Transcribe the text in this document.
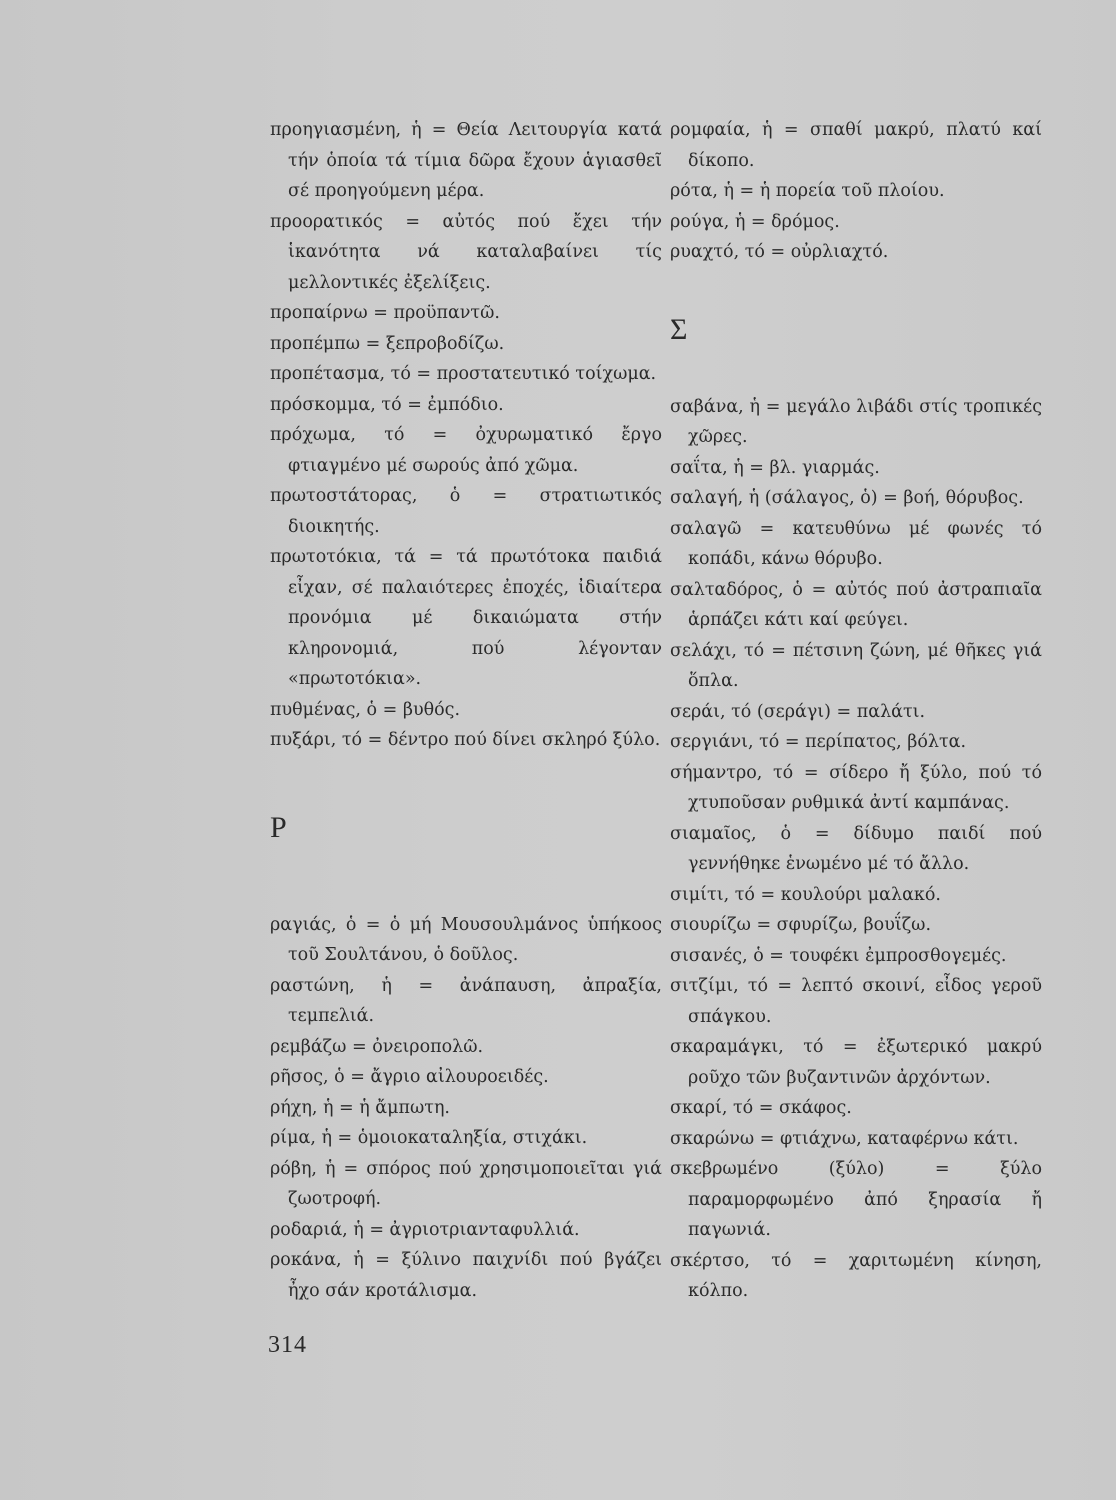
προηγιασμένη, ἡ = Θεία Λειτουργία κατά τήν ὁποία τά τίμια δῶρα ἔχουν ἁγιασθεῖ σέ προηγούμενη μέρα.
προορατικός = αὐτός πού ἔχει τήν ἱκανότητα νά καταλαβαίνει τίς μελλοντικές ἐξελίξεις.
προπαίρνω = προϋπαντῶ.
προπέμπω = ξεπροβοδίζω.
προπέτασμα, τό = προστατευτικό τοίχωμα.
πρόσκομμα, τό = ἐμπόδιο.
πρόχωμα, τό = ὀχυρωματικό ἔργο φτιαγμένο μέ σωρούς ἀπό χῶμα.
πρωτοστάτορας, ὁ = στρατιωτικός διοικητής.
πρωτοτόκια, τά = τά πρωτότοκα παιδιά εἶχαν, σέ παλαιότερες ἐποχές, ἰδιαίτερα προνόμια μέ δικαιώματα στήν κληρονομιά, πού λέγονταν «πρωτοτόκια».
πυθμένας, ὁ = βυθός.
πυξάρι, τό = δέντρο πού δίνει σκληρό ξύλο.
Ρ
ραγιάς, ὁ = ὁ μή Μουσουλμάνος ὑπήκοος τοῦ Σουλτάνου, ὁ δοῦλος.
ραστώνη, ἡ = ἀνάπαυση, ἀπραξία, τεμπελιά.
ρεμβάζω = ὀνειροπολῶ.
ρῆσος, ὁ = ἄγριο αἰλουροειδές.
ρήχη, ἡ = ἡ ἄμπωτη.
ρίμα, ἡ = ὁμοιοκαταληξία, στιχάκι.
ρόβη, ἡ = σπόρος πού χρησιμοποιεῖται γιά ζωοτροφή.
ροδαριά, ἡ = ἀγριοτριανταφυλλιά.
ροκάνα, ἡ = ξύλινο παιχνίδι πού βγάζει ἦχο σάν κροτάλισμα.
ρομφαία, ἡ = σπαθί μακρύ, πλατύ καί δίκοπο.
ρότα, ἡ = ἡ πορεία τοῦ πλοίου.
ρούγα, ἡ = δρόμος.
ρυαχτό, τό = οὐρλιαχτό.
Σ
σαβάνα, ἡ = μεγάλο λιβάδι στίς τροπικές χῶρες.
σαΐτα, ἡ = βλ. γιαρμάς.
σαλαγή, ἡ (σάλαγος, ὁ) = βοή, θόρυβος.
σαλαγῶ = κατευθύνω μέ φωνές τό κοπάδι, κάνω θόρυβο.
σαλταδόρος, ὁ = αὐτός πού ἀστραπιαῖα ἁρπάζει κάτι καί φεύγει.
σελάχι, τό = πέτσινη ζώνη, μέ θῆκες γιά ὅπλα.
σεράι, τό (σεράγι) = παλάτι.
σεργιάνι, τό = περίπατος, βόλτα.
σήμαντρο, τό = σίδερο ἤ ξύλο, πού τό χτυποῦσαν ρυθμικά ἀντί καμπάνας.
σιαμαῖος, ὁ = δίδυμο παιδί πού γεννήθηκε ἑνωμένο μέ τό ἄλλο.
σιμίτι, τό = κουλούρι μαλακό.
σιουρίζω = σφυρίζω, βουΐζω.
σισανές, ὁ = τουφέκι ἐμπροσθογεμές.
σιτζίμι, τό = λεπτό σκοινί, εἶδος γεροῦ σπάγκου.
σκαραμάγκι, τό = ἐξωτερικό μακρύ ροῦχο τῶν βυζαντινῶν ἀρχόντων.
σκαρί, τό = σκάφος.
σκαρώνω = φτιάχνω, καταφέρνω κάτι.
σκεβρωμένο (ξύλο) = ξύλο παραμορφωμένο ἀπό ξηρασία ἤ παγωνιά.
σκέρτσο, τό = χαριτωμένη κίνηση, κόλπο.
314
